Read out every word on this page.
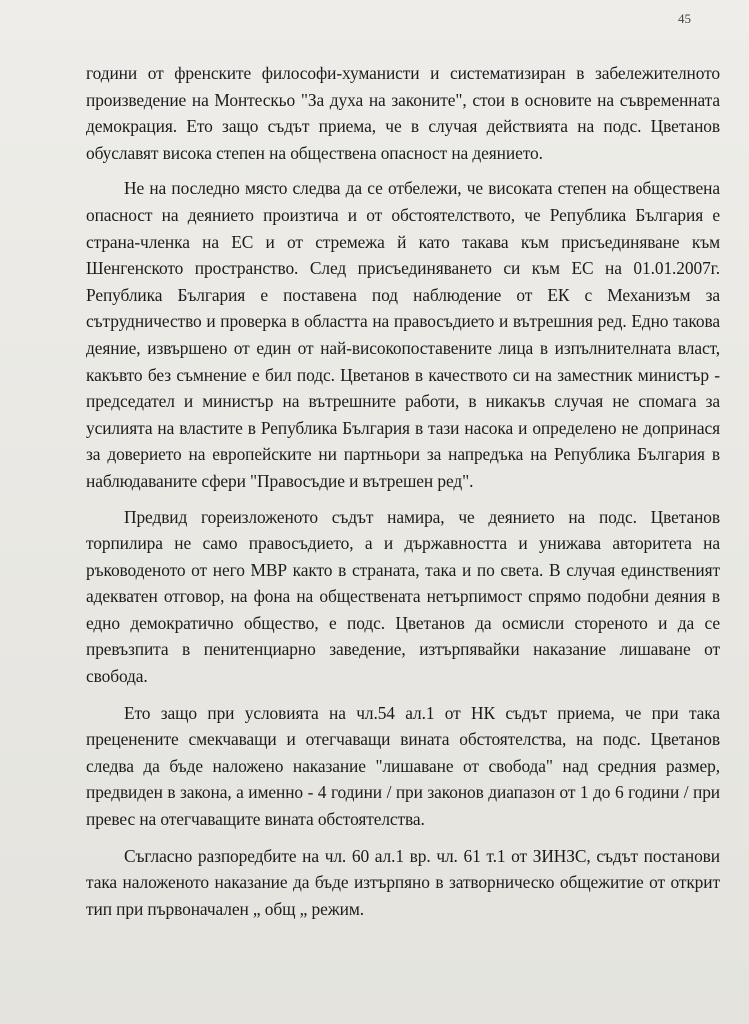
45

години от френските философи-хуманисти и систематизиран в забележителното произведение на Монтескьо "За духа на законите", стои в основите на съвременната демокрация. Ето защо съдът приема, че в случая действията на подс. Цветанов обуславят висока степен на обществена опасност на деянието.

Не на последно място следва да се отбележи, че високата степен на обществена опасност на деянието произтича и от обстоятелството, че Република България е страна-членка на ЕС и от стремежа й като такава към присъединяване към Шенгенското пространство. След присъединяването си към ЕС на 01.01.2007г. Република България е поставена под наблюдение от ЕК с Механизъм за сътрудничество и проверка в областта на правосъдието и вътрешния ред. Едно такова деяние, извършено от един от най-високопоставените лица в изпълнителната власт, какъвто без съмнение е бил подс. Цветанов в качеството си на заместник министър - председател и министър на вътрешните работи, в никакъв случая не спомага за усилията на властите в Република България в тази насока и определено не допринася за доверието на европейските ни партньори за напредъка на Република България в наблюдаваните сфери "Правосъдие и вътрешен ред".

Предвид гореизложеното съдът намира, че деянието на подс. Цветанов торпилира не само правосъдието, а и държавността и унижава авторитета на ръководеното от него МВР както в страната, така и по света. В случая единственият адекватен отговор, на фона на обществената нетърпимост спрямо подобни деяния в едно демократично общество, е подс. Цветанов да осмисли стореното и да се превъзпита в пенитенциарно заведение, изтърпявайки наказание лишаване от свобода.

Ето защо при условията на чл.54 ал.1 от НК съдът приема, че при така преценените смекчаващи и отегчаващи вината обстоятелства, на подс. Цветанов следва да бъде наложено наказание "лишаване от свобода" над средния размер, предвиден в закона, а именно - 4 години / при законов диапазон от 1 до 6 години / при превес на отегчаващите вината обстоятелства.

Съгласно разпоредбите на чл. 60 ал.1 вр. чл. 61 т.1 от ЗИНЗС, съдът постанови така наложеното наказание да бъде изтърпяно в затворническо общежитие от открит тип при първоначален „ общ „ режим.
